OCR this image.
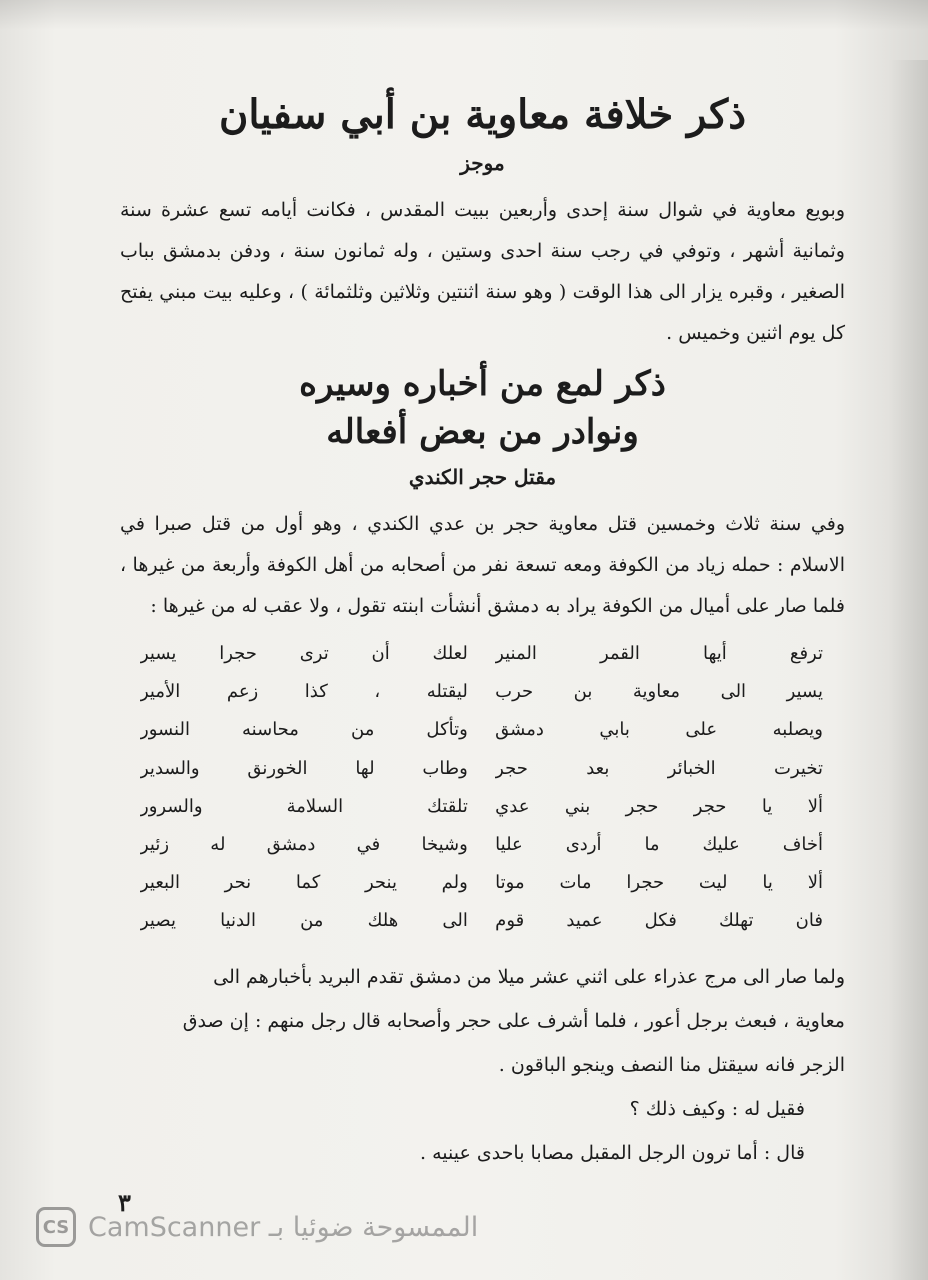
ذكر خلافة معاوية بن أبي سفيان
موجز

وبويع معاوية في شوال سنة إحدى وأربعين ببيت المقدس ، فكانت أيامه تسع عشرة سنة وثمانية أشهر ، وتوفي في رجب سنة احدى وستين ، وله ثمانون سنة ، ودفن بدمشق بباب الصغير ، وقبره يزار الى هذا الوقت ( وهو سنة اثنتين وثلاثين وثلثمائة ) ، وعليه بيت مبني يفتح كل يوم اثنين وخميس .

ذكر لمع من أخباره وسيره
ونوادر من بعض أفعاله
مقتل حجر الكندي

وفي سنة ثلاث وخمسين قتل معاوية حجر بن عدي الكندي ، وهو أول من قتل صبرا في الاسلام : حمله زياد من الكوفة ومعه تسعة نفر من أصحابه من أهل الكوفة وأربعة من غيرها ، فلما صار على أميال من الكوفة يراد به دمشق أنشأت ابنته تقول ، ولا عقب له من غيرها :

ترفع أيها القمر المنير
يسير الى معاوية بن حرب
ويصلبه على بابي دمشق
تخيرت الخبائر بعد حجر
ألا يا حجر حجر بني عدي
أخاف عليك ما أردى عليا
ألا يا ليت حجرا مات موتا
فان تهلك فكل عميد قوم
لعلك أن ترى حجرا يسير
ليقتله ، كذا زعم الأمير
وتأكل من محاسنه النسور
وطاب لها الخورنق والسدير
تلقتك السلامة والسرور
وشيخا في دمشق له زئير
ولم ينحر كما نحر البعير
الى هلك من الدنيا يصير
ولما صار الى مرج عذراء على اثني عشر ميلا من دمشق تقدم البريد بأخبارهم الى
معاوية ، فبعث برجل أعور ، فلما أشرف على حجر وأصحابه قال رجل منهم : إن صدق
الزجر فانه سيقتل منا النصف وينجو الباقون .
فقيل له : وكيف ذلك ؟
قال : أما ترون الرجل المقبل مصابا باحدى عينيه .
٣
CS الممسوحة ضوئيا بـ CamScanner
